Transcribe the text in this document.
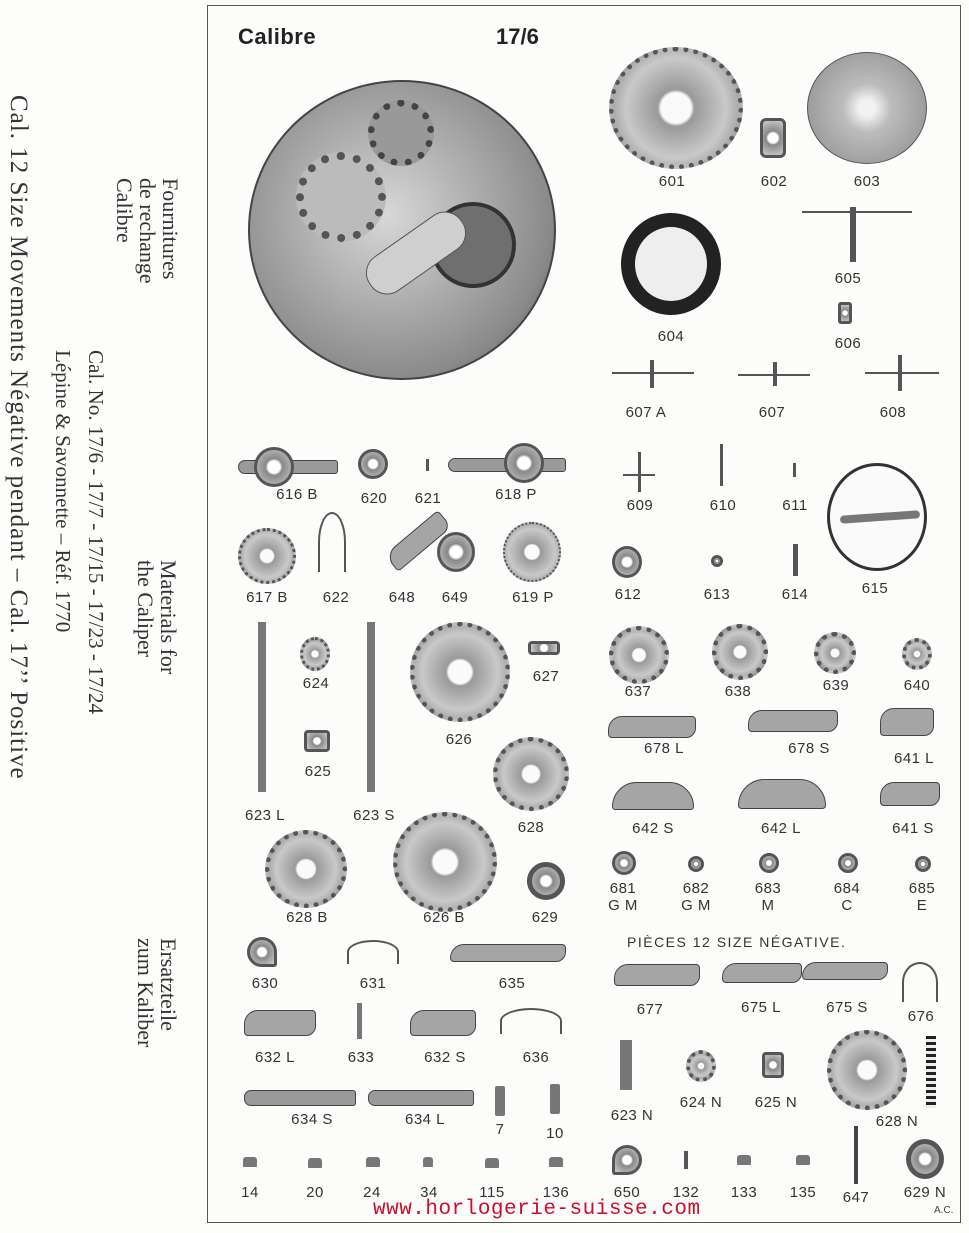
Fournitures
de rechange
Calibre
Cal. No. 17/6 - 17/7 - 17/15 - 17/23 - 17/24
Lépine & Savonnette – Réf. 1770
Cal. 12 Size Movements Négative pendant – Cal. 17’’ Positive	Materials for
the Caliper
Ersatzteile
zum Kaliber
Calibre	17/6
601	602	603
604
605
606
607 A	607	608
616 B	620 621	618 P
609	610	611
615
617 B 622	648 649	619 P	612	613	614
623 L	623 S
624
625
626
627
628
637	638	639	640
678 L	678 S
641 L
642 S	642 L	641 S
628 B	626 B	629
681
G M
682
G M
683
M
684
C
685
E
PIÈCES 12 SIZE NÉGATIVE.
630	631	635
677	675 L	675 S
676
632 L	633	632 S	636
623 N
624 N 625 N
628 N
634 S	634 L
7	10
14	20	24	34	115	136	650 132 133 135 647 629 N
www.horlogerie-suisse.com	A.C.
